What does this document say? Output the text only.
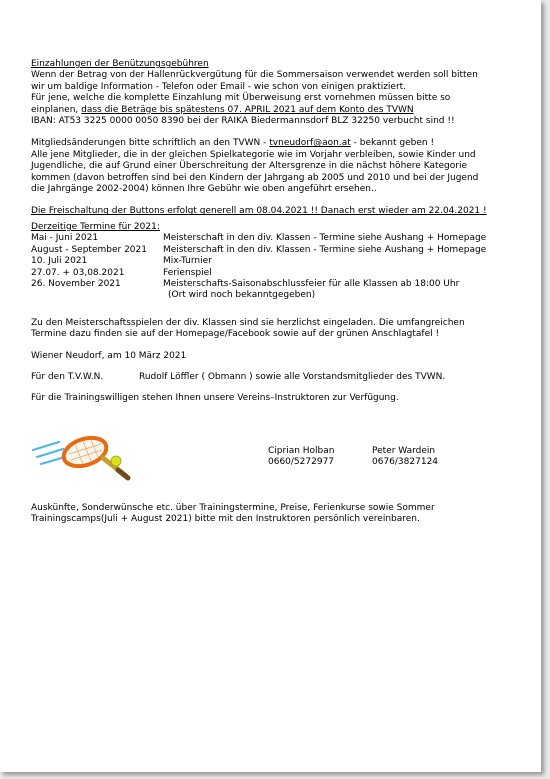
Einzahlungen der Benützungsgebühren

Wenn der Betrag von der Hallenrückvergütung für die Sommersaison verwendet werden soll bitten

wir um baldige Information - Telefon oder Email - wie schon von einigen praktiziert.

Für jene, welche die komplette Einzahlung mit Überweisung erst vornehmen müssen bitte so

einplanen, dass die Beträge bis spätestens 07. APRIL 2021 auf dem Konto des TVWN

IBAN: AT53 3225 0000 0050 8390 bei der RAIKA Biedermannsdorf BLZ 32250 verbucht sind !!

Mitgliedsänderungen bitte schriftlich an den TVWN - tvneudorf@aon.at - bekannt geben !

Alle jene Mitglieder, die in der gleichen Spielkategorie wie im Vorjahr verbleiben, sowie Kinder und

Jugendliche, die auf Grund einer Überschreitung der Altersgrenze in die nächst höhere Kategorie

kommen (davon betroffen sind bei den Kindern der Jahrgang ab 2005 und 2010 und bei der Jugend

die Jahrgänge 2002-2004) können Ihre Gebühr wie oben angeführt ersehen..

Die Freischaltung der Buttons erfolgt generell am 08.04.2021 !! Danach erst wieder am 22.04.2021 !

Derzeitige Termine für 2021:

Mai - Juni 2021	Meisterschaft in den div. Klassen - Termine siehe Aushang + Homepage
August - September 2021	Meisterschaft in den div. Klassen - Termine siehe Aushang + Homepage
10. Juli 2021	Mix-Turnier
27.07. + 03,08.2021	Ferienspiel
26. November 2021	Meisterschafts-Saisonabschlussfeier für alle Klassen ab 18:00 Uhr
(Ort wird noch bekanntgegeben)

Zu den Meisterschaftsspielen der div. Klassen sind sie herzlichst eingeladen. Die umfangreichen

Termine dazu finden sie auf der Homepage/Facebook sowie auf der grünen Anschlagtafel !

Wiener Neudorf, am 10 März 2021

Für den T.V.W.N.	Rudolf Löffler ( Obmann ) sowie alle Vorstandsmitglieder des TVWN.

Für die Trainingswilligen stehen Ihnen unsere Vereins–Instruktoren zur Verfügung.

Ciprian Holban
0660/5272977
Peter Wardein
0676/3827124

Auskünfte, Sonderwünsche etc. über Trainingstermine, Preise, Ferienkurse sowie Sommer

Trainingscamps(Juli + August 2021) bitte mit den Instruktoren persönlich vereinbaren.
